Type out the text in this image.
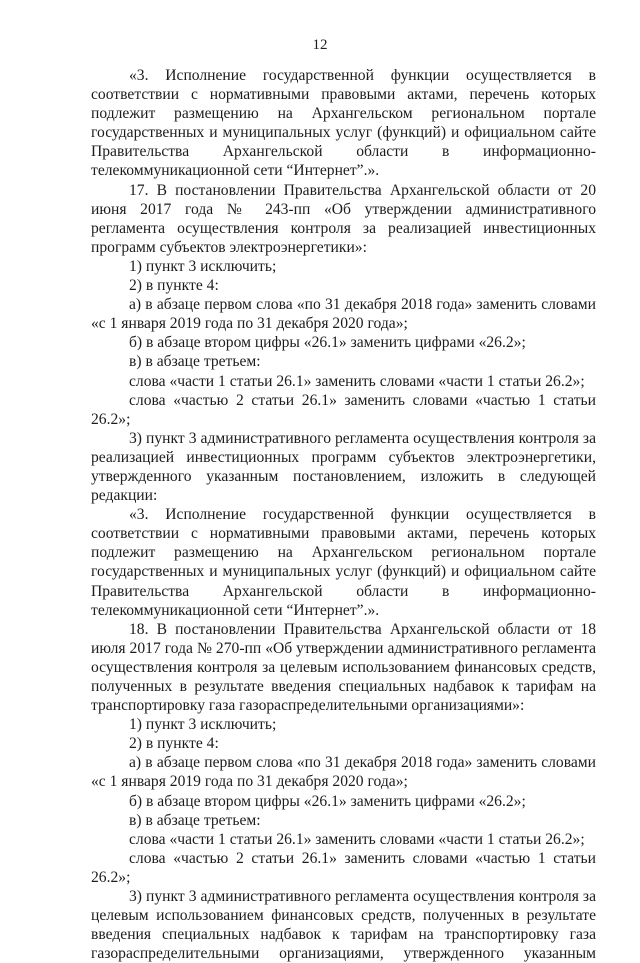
12

«3. Исполнение государственной функции осуществляется в соответствии с нормативными правовыми актами, перечень которых подлежит размещению на Архангельском региональном портале государственных и муниципальных услуг (функций) и официальном сайте Правительства Архангельской области в информационно-телекоммуникационной сети “Интернет”.».

17. В постановлении Правительства Архангельской области от 20 июня 2017 года № 243-пп «Об утверждении административного регламента осуществления контроля за реализацией инвестиционных программ субъектов электроэнергетики»:

1) пункт 3 исключить;

2) в пункте 4:

а) в абзаце первом слова «по 31 декабря 2018 года» заменить словами «с 1 января 2019 года по 31 декабря 2020 года»;

б) в абзаце втором цифры «26.1» заменить цифрами «26.2»;

в) в абзаце третьем:

слова «части 1 статьи 26.1» заменить словами «части 1 статьи 26.2»;

слова «частью 2 статьи 26.1» заменить словами «частью 1 статьи 26.2»;

3) пункт 3 административного регламента осуществления контроля за реализацией инвестиционных программ субъектов электроэнергетики, утвержденного указанным постановлением, изложить в следующей редакции:

«3. Исполнение государственной функции осуществляется в соответствии с нормативными правовыми актами, перечень которых подлежит размещению на Архангельском региональном портале государственных и муниципальных услуг (функций) и официальном сайте Правительства Архангельской области в информационно-телекоммуникационной сети “Интернет”.».

18. В постановлении Правительства Архангельской области от 18 июля 2017 года № 270-пп «Об утверждении административного регламента осуществления контроля за целевым использованием финансовых средств, полученных в результате введения специальных надбавок к тарифам на транспортировку газа газораспределительными организациями»:

1) пункт 3 исключить;

2) в пункте 4:

а) в абзаце первом слова «по 31 декабря 2018 года» заменить словами «с 1 января 2019 года по 31 декабря 2020 года»;

б) в абзаце втором цифры «26.1» заменить цифрами «26.2»;

в) в абзаце третьем:

слова «части 1 статьи 26.1» заменить словами «части 1 статьи 26.2»;

слова «частью 2 статьи 26.1» заменить словами «частью 1 статьи 26.2»;

3) пункт 3 административного регламента осуществления контроля за целевым использованием финансовых средств, полученных в результате введения специальных надбавок к тарифам на транспортировку газа газораспределительными организациями, утвержденного указанным
